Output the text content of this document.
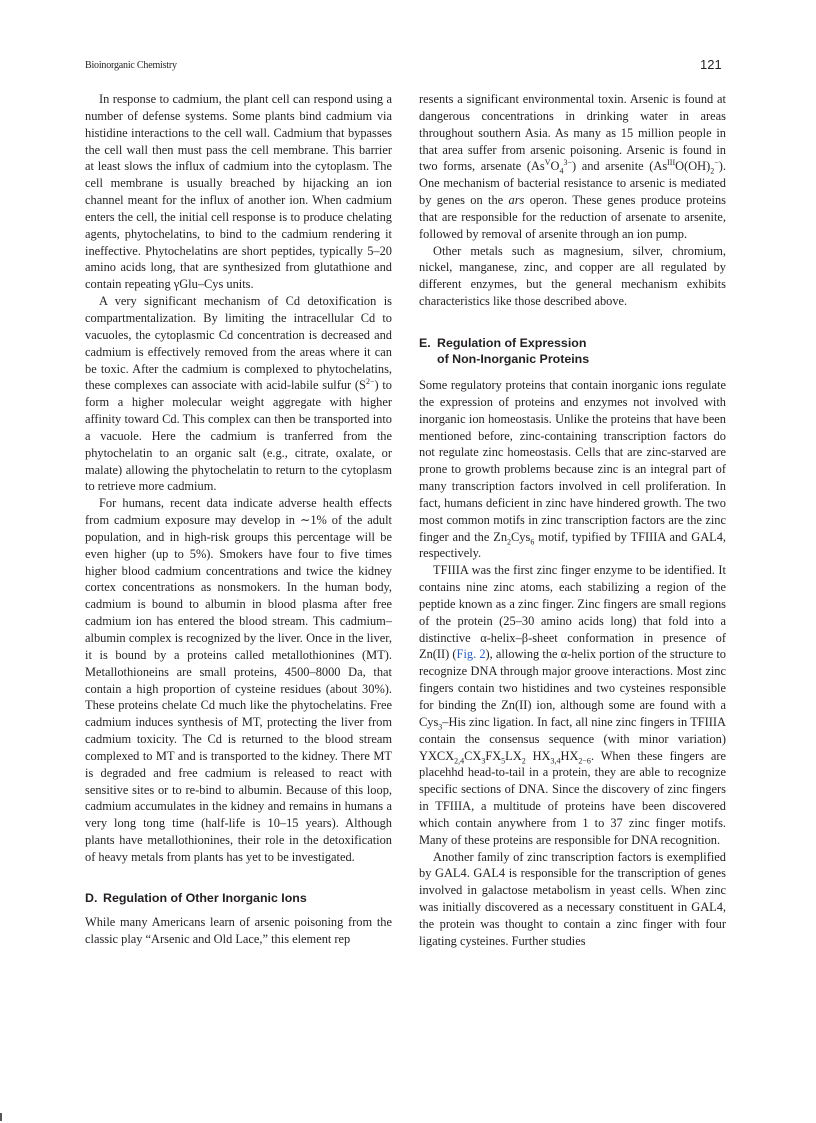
Bioinorganic Chemistry	121

In response to cadmium, the plant cell can respond using a number of defense systems. Some plants bind cadmium via histidine interactions to the cell wall. Cadmium that bypasses the cell wall then must pass the cell membrane. This barrier at least slows the influx of cadmium into the cytoplasm. The cell membrane is usually breached by hijacking an ion channel meant for the influx of another ion. When cadmium enters the cell, the initial cell response is to produce chelating agents, phytochelatins, to bind to the cadmium rendering it ineffective. Phytochelatins are short peptides, typically 5–20 amino acids long, that are synthesized from glutathione and contain repeating γGlu–Cys units.

A very significant mechanism of Cd detoxification is compartmentalization. By limiting the intracellular Cd to vacuoles, the cytoplasmic Cd concentration is decreased and cadmium is effectively removed from the areas where it can be toxic. After the cadmium is complexed to phytochelatins, these complexes can associate with acid-labile sulfur $(S^{2-})$ to form a higher molecular weight aggregate with higher affinity toward Cd. This complex can then be transported into a vacuole. Here the cadmium is tranferred from the phytochelatin to an organic salt (e.g., citrate, oxalate, or malate) allowing the phytochelatin to return to the cytoplasm to retrieve more cadmium.

For humans, recent data indicate adverse health effects from cadmium exposure may develop in ∼1% of the adult population, and in high-risk groups this percentage will be even higher (up to 5%). Smokers have four to five times higher blood cadmium concentrations and twice the kidney cortex concentrations as nonsmokers. In the human body, cadmium is bound to albumin in blood plasma after free cadmium ion has entered the blood stream. This cadmium–albumin complex is recognized by the liver. Once in the liver, it is bound by a proteins called metallothionines (MT). Metallothioneins are small proteins, 4500–8000 Da, that contain a high proportion of cysteine residues (about 30%). These proteins chelate Cd much like the phytochelatins. Free cadmium induces synthesis of MT, protecting the liver from cadmium toxicity. The Cd is returned to the blood stream complexed to MT and is transported to the kidney. There MT is degraded and free cadmium is released to react with sensitive sites or to re-bind to albumin. Because of this loop, cadmium accumulates in the kidney and remains in humans a very long tong time (half-life is 10–15 years). Although plants have metallothionines, their role in the detoxification of heavy metals from plants has yet to be investigated.

D. Regulation of Other Inorganic Ions

While many Americans learn of arsenic poisoning from the classic play “Arsenic and Old Lace,” this element rep

resents a significant environmental toxin. Arsenic is found at dangerous concentrations in drinking water in areas throughout southern Asia. As many as 15 million people in that area suffer from arsenic poisoning. Arsenic is found in two forms, arsenate $(As^VO_4^{3-})$ and arsenite $(As^{III}O(OH)_2^-)$. One mechanism of bacterial resistance to arsenic is mediated by genes on the ars operon. These genes produce proteins that are responsible for the reduction of arsenate to arsenite, followed by removal of arsenite through an ion pump.

Other metals such as magnesium, silver, chromium, nickel, manganese, zinc, and copper are all regulated by different enzymes, but the general mechanism exhibits characteristics like those described above.

E. Regulation of Expression
of Non-Inorganic Proteins

Some regulatory proteins that contain inorganic ions regulate the expression of proteins and enzymes not involved with inorganic ion homeostasis. Unlike the proteins that have been mentioned before, zinc-containing transcription factors do not regulate zinc homeostasis. Cells that are zinc-starved are prone to growth problems because zinc is an integral part of many transcription factors involved in cell proliferation. In fact, humans deficient in zinc have hindered growth. The two most common motifs in zinc transcription factors are the zinc finger and the $Zn_2Cys_6$ motif, typified by TFIIIA and GAL4, respectively.

TFIIIA was the first zinc finger enzyme to be identified. It contains nine zinc atoms, each stabilizing a region of the peptide known as a zinc finger. Zinc fingers are small regions of the protein (25–30 amino acids long) that fold into a distinctive α-helix–β-sheet conformation in presence of Zn(II) (Fig. 2), allowing the α-helix portion of the structure to recognize DNA through major groove interactions. Most zinc fingers contain two histidines and two cysteines responsible for binding the Zn(II) ion, although some are found with a Cys$_3$–His zinc ligation. In fact, all nine zinc fingers in TFIIIA contain the consensus sequence (with minor variation) $YXCX_{2,4}CX_3FX_5LX_2$ $HX_{3,4}HX_{2-6}$. When these fingers are placehhd head-to-tail in a protein, they are able to recognize specific sections of DNA. Since the discovery of zinc fingers in TFIIIA, a multitude of proteins have been discovered which contain anywhere from 1 to 37 zinc finger motifs. Many of these proteins are responsible for DNA recognition.

Another family of zinc transcription factors is exemplified by GAL4. GAL4 is responsible for the transcription of genes involved in galactose metabolism in yeast cells. When zinc was initially discovered as a necessary constituent in GAL4, the protein was thought to contain a zinc finger with four ligating cysteines. Further studies
